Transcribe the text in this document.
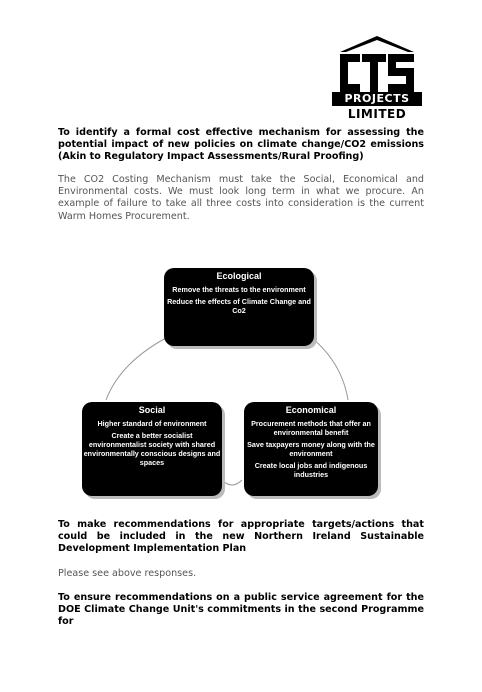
PROJECTS
LIMITED
To identify a formal cost effective mechanism for assessing the potential impact of new policies on climate change/CO2 emissions (Akin to Regulatory Impact Assessments/Rural Proofing)
The CO2 Costing Mechanism must take the Social, Economical and Environmental costs. We must look long term in what we procure. An example of failure to take all three costs into consideration is the current Warm Homes Procurement.
Ecological
Remove the threats to the environment
Reduce the effects of Climate Change and Co2
Social
Higher standard of environment
Create a better socialist environmentalist society with shared environmentally conscious designs and spaces
Economical
Procurement methods that offer an environmental benefit
Save taxpayers money along with the environment
Create local jobs and indigenous industries
To make recommendations for appropriate targets/actions that could be included in the new Northern Ireland Sustainable Development Implementation Plan
Please see above responses.
To ensure recommendations on a public service agreement for the DOE Climate Change Unit's commitments in the second Programme for
